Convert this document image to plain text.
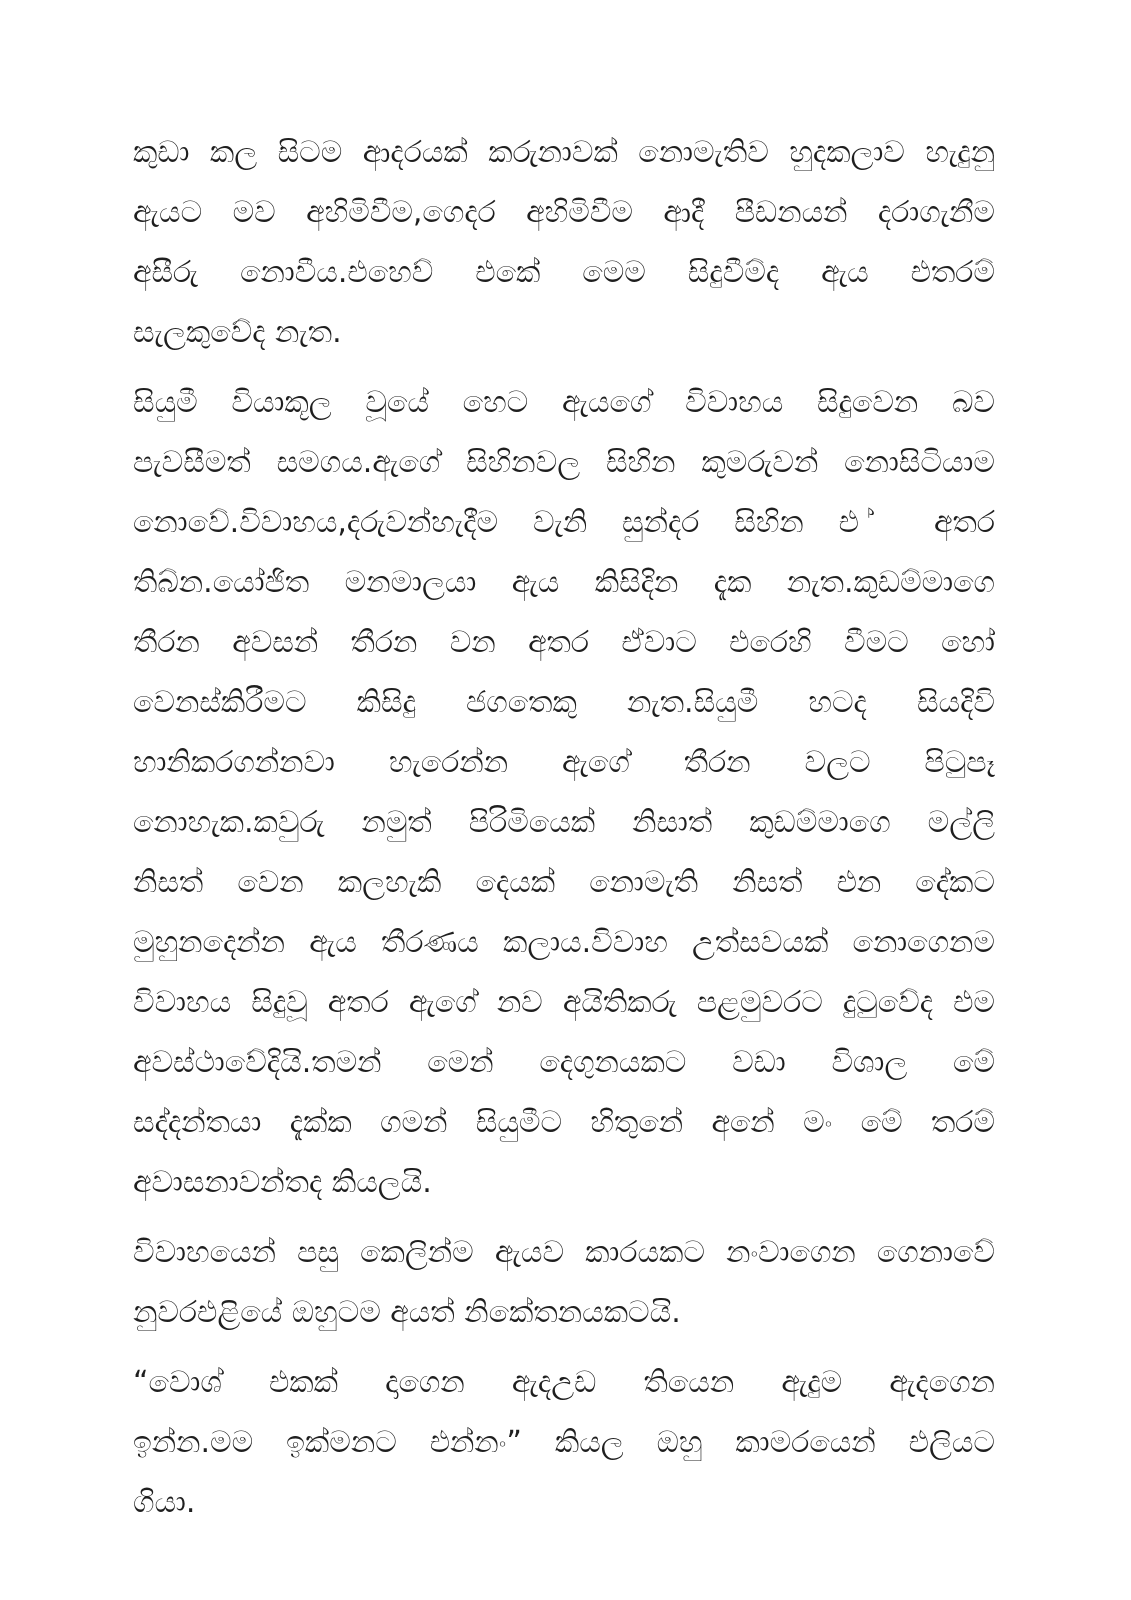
කුඩා කල සිටම ආදරයක් කරුනාවක් නොමැතිව හුදකලාව හැදුනු
ඇයට මව අහිමිවීම,ගෙදර අහිමිවීම ආදී පීඩනයන් දරාගැනීම
අසීරු නොවීය.එහෙව් එකේ මෙම සිදුවීම්ද ඇය එතරම්
සැලකුවේද නැත.
සියුමී වියාකූල වූයේ හෙට ඇයගේ විවාහය සිදුවෙන බව
පැවසීමත් සමගය.ඇගේ සිහිනවල සිහින කුමරුවන් නොසිටියාම
නොවේ.විවාහය,දරුවන්හැදීම වැනි සුන්දර සිහින එ ් අතර
තිබ්න.යෝජිත මනමාලයා ඇය කිසිදින දැක නැත.කුඩම්මාගෙ
තීරන අවසන් තීරන වන අතර ඒවාට එරෙහි වීමට හෝ
වෙනස්කිරීමට කිසිදු ජගතෙකු නැත.සියුමී හටද සියදිවි
හානිකරගන්නවා හැරෙන්න ඇගේ තීරන වලට පිටුපෑ
නොහැක.කවුරු නමුත් පිරිමියෙක් නිසාත් කුඩම්මාගෙ මල්ලි
නිසත් වෙන කලහැකි දෙයක් නොමැති නිසත් එන දේකට
මුහුනදෙන්න ඇය තීරණය කලාය.විවාහ උත්සවයක් නොගෙනම
විවාහය සිදුවූ අතර ඇගේ නව අයිතිකරු පළමුවරට දුටුවේද එම
අවස්ථාවේදියි.තමන් මෙන් දෙගුනයකට වඩා විශාල මේ
සද්දන්තයා දැක්ක ගමන් සියුමීට හිතුනේ අනේ මං මේ තරම්
අවාසනාවන්තද කියලයි.
විවාහයෙන් පසු කෙලින්ම ඇයව කාරයකට නංවාගෙන ගෙනාවේ
නුවරඑළියේ ඔහුටම අයත් නිකේතනයකටයි.
“වොශ් එකක් දාගෙන ඇදඋඩ තියෙන ඇදුම ඇදගෙන
ඉන්න.මම ඉක්මනට එන්නං” කියල ඔහු කාමරයෙන් එලියට
ගියා.
